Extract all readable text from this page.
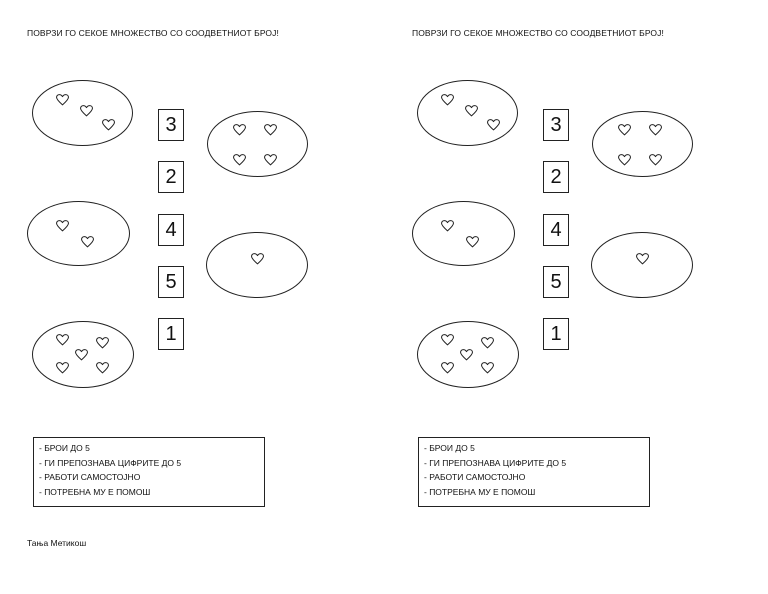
ПОВРЗИ ГО СЕКОЕ МНОЖЕСТВО СО СООДВЕТНИОТ БРОЈ!
3
2
4
5
1
- БРОИ ДО 5
- ГИ ПРЕПОЗНАВА ЦИФРИТЕ ДО 5
- РАБОТИ САМОСТОЈНО
- ПОТРЕБНА МУ Е ПОМОШ
ПОВРЗИ ГО СЕКОЕ МНОЖЕСТВО СО СООДВЕТНИОТ БРОЈ!
3
2
4
5
1
- БРОИ ДО 5
- ГИ ПРЕПОЗНАВА ЦИФРИТЕ ДО 5
- РАБОТИ САМОСТОЈНО
- ПОТРЕБНА МУ Е ПОМОШ
Тања Метикош
